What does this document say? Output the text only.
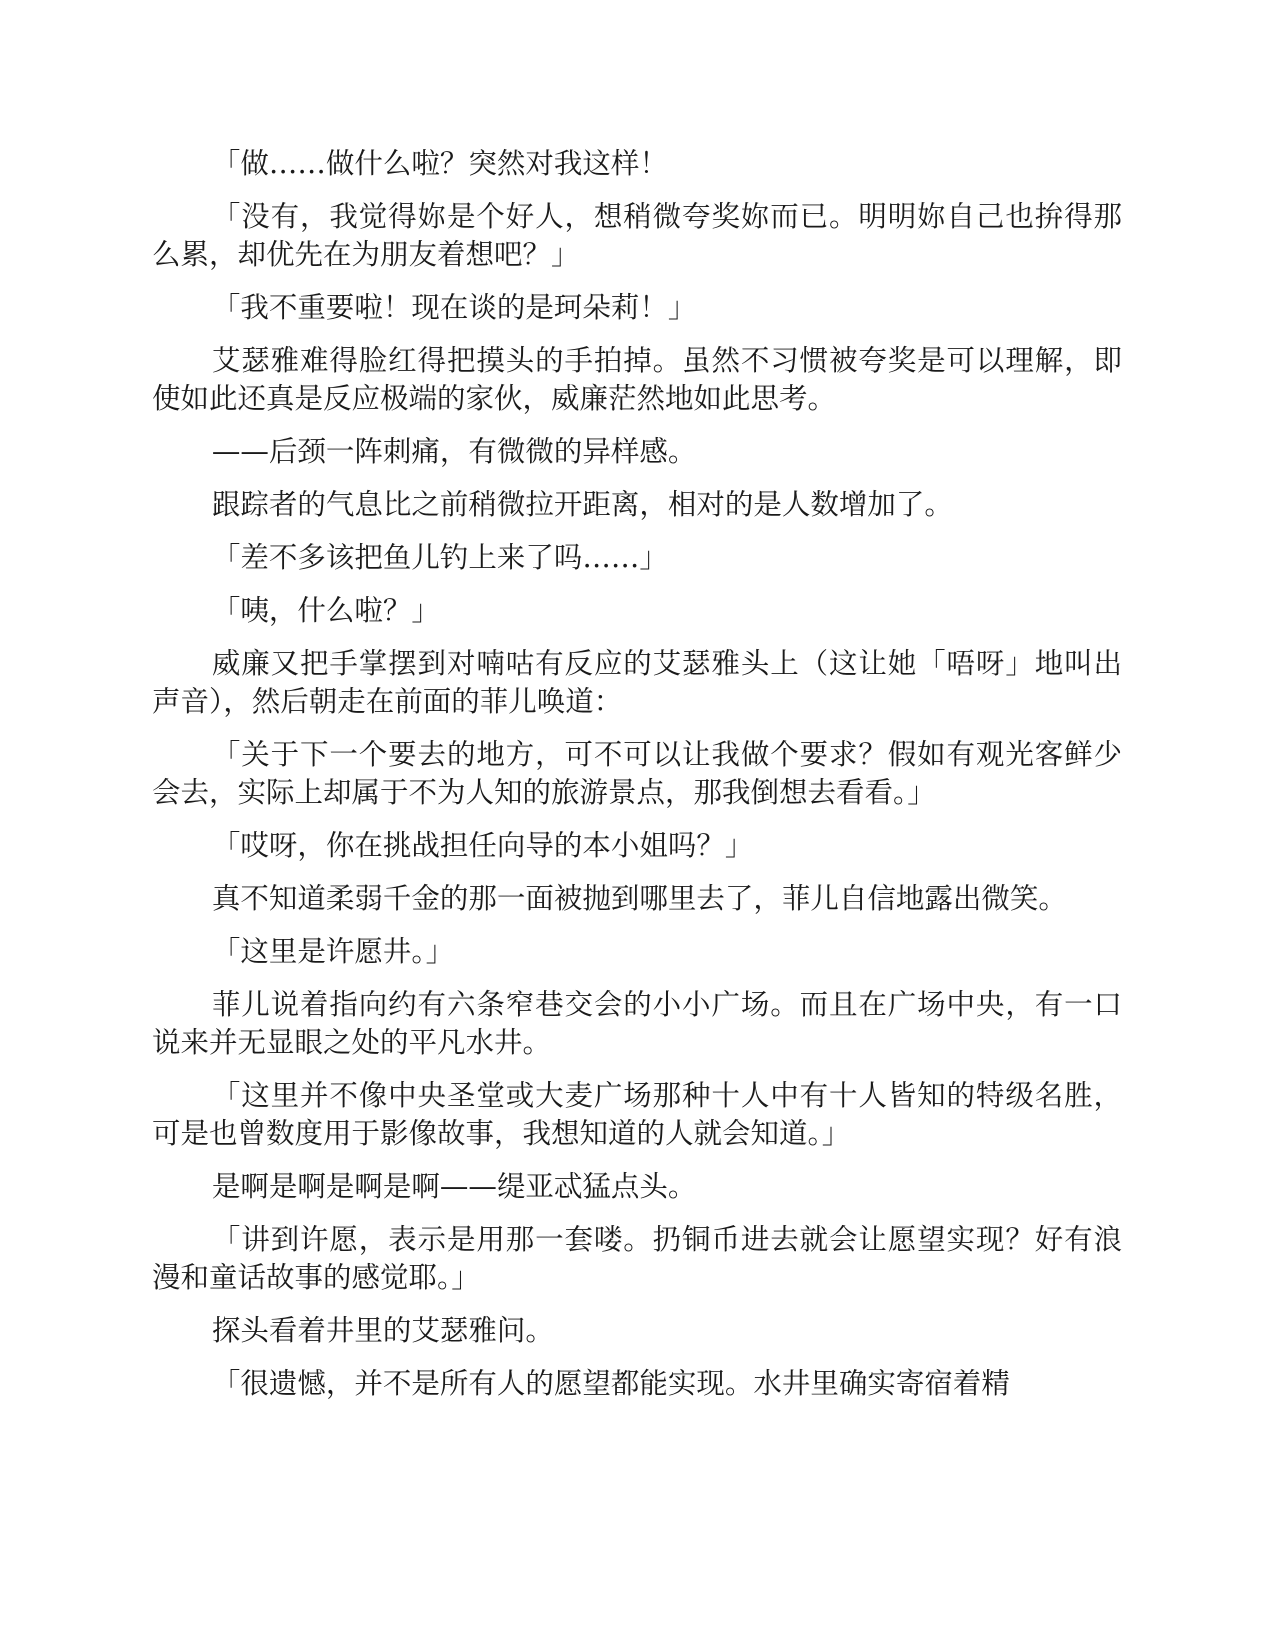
「做……做什么啦？突然对我这样！

「没有，我觉得妳是个好人，想稍微夸奖妳而已。明明妳自己也拚得那么累，却优先在为朋友着想吧？」

「我不重要啦！现在谈的是珂朵莉！」

艾瑟雅难得脸红得把摸头的手拍掉。虽然不习惯被夸奖是可以理解，即使如此还真是反应极端的家伙，威廉茫然地如此思考。

——后颈一阵刺痛，有微微的异样感。

跟踪者的气息比之前稍微拉开距离，相对的是人数增加了。

「差不多该把鱼儿钓上来了吗……」

「咦，什么啦？」

威廉又把手掌摆到对喃咕有反应的艾瑟雅头上（这让她「唔呀」地叫出声音），然后朝走在前面的菲儿唤道：

「关于下一个要去的地方，可不可以让我做个要求？假如有观光客鲜少会去，实际上却属于不为人知的旅游景点，那我倒想去看看。」

「哎呀，你在挑战担任向导的本小姐吗？」

真不知道柔弱千金的那一面被抛到哪里去了，菲儿自信地露出微笑。

「这里是许愿井。」

菲儿说着指向约有六条窄巷交会的小小广场。而且在广场中央，有一口说来并无显眼之处的平凡水井。

「这里并不像中央圣堂或大麦广场那种十人中有十人皆知的特级名胜，可是也曾数度用于影像故事，我想知道的人就会知道。」

是啊是啊是啊是啊——缇亚忒猛点头。

「讲到许愿，表示是用那一套喽。扔铜币进去就会让愿望实现？好有浪漫和童话故事的感觉耶。」

探头看着井里的艾瑟雅问。

「很遗憾，并不是所有人的愿望都能实现。水井里确实寄宿着精
